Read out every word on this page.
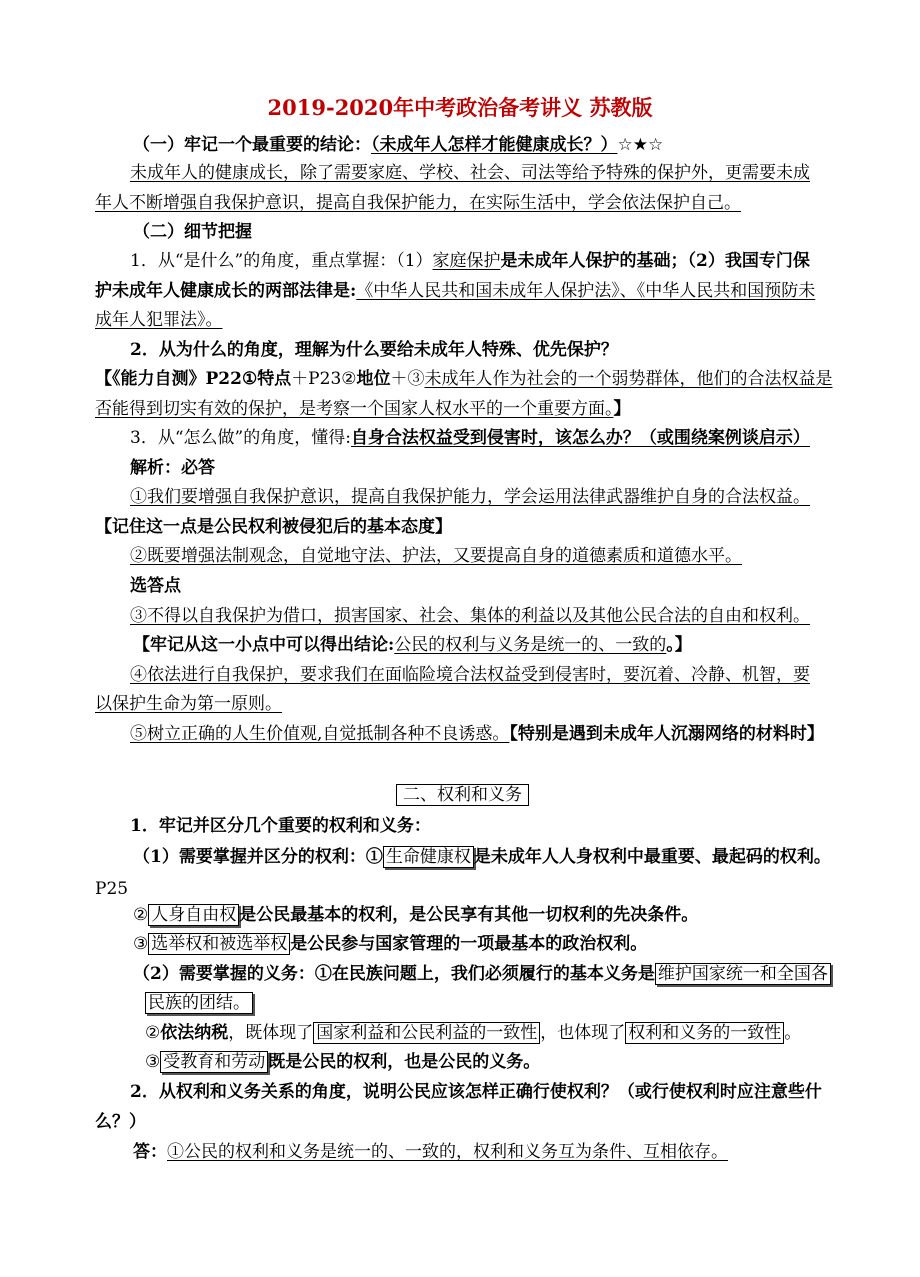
2019-2020年中考政治备考讲义 苏教版
（一）牢记一个最重要的结论：（未成年人怎样才能健康成长？）☆★☆
未成年人的健康成长，除了需要家庭、学校、社会、司法等给予特殊的保护外，更需要未成
年人不断增强自我保护意识，提高自我保护能力，在实际生活中，学会依法保护自己。
（二）细节把握
1．从“是什么”的角度，重点掌握：（1）家庭保护是未成年人保护的基础；（2）我国专门保
护未成年人健康成长的两部法律是:《中华人民共和国未成年人保护法》、《中华人民共和国预防未
成年人犯罪法》。
2．从为什么的角度，理解为什么要给未成年人特殊、优先保护？
【《能力自测》P22①特点＋P23②地位＋③未成年人作为社会的一个弱势群体，他们的合法权益是
否能得到切实有效的保护，是考察一个国家人权水平的一个重要方面。】
3．从“怎么做”的角度，懂得:自身合法权益受到侵害时，该怎么办？（或围绕案例谈启示）
解析：必答
①我们要增强自我保护意识，提高自我保护能力，学会运用法律武器维护自身的合法权益。
【记住这一点是公民权利被侵犯后的基本态度】
②既要增强法制观念，自觉地守法、护法，又要提高自身的道德素质和道德水平。
选答点
③不得以自我保护为借口，损害国家、社会、集体的利益以及其他公民合法的自由和权利。
【牢记从这一小点中可以得出结论:公民的权利与义务是统一的、一致的。】
④依法进行自我保护，要求我们在面临险境合法权益受到侵害时，要沉着、冷静、机智，要
以保护生命为第一原则。
⑤树立正确的人生价值观,自觉抵制各种不良诱惑。【特别是遇到未成年人沉溺网络的材料时】
二、权利和义务
1．牢记并区分几个重要的权利和义务：
（1）需要掌握并区分的权利：① 生命健康权 是未成年人人身权利中最重要、最起码的权利。
P25
② 人身自由权 是公民最基本的权利，是公民享有其他一切权利的先决条件。
③ 选举权和被选举权 是公民参与国家管理的一项最基本的政治权利。
（2）需要掌握的义务：①在民族问题上，我们必须履行的基本义务是 维护国家统一和全国各
民族的团结。
②依法纳税，既体现了 国家利益和公民利益的一致性 ，也体现了 权利和义务的一致性 。
③ 受教育和劳动 既是公民的权利，也是公民的义务。
2．从权利和义务关系的角度，说明公民应该怎样正确行使权利？（或行使权利时应注意些什
么？）
答：①公民的权利和义务是统一的、一致的，权利和义务互为条件、互相依存。
